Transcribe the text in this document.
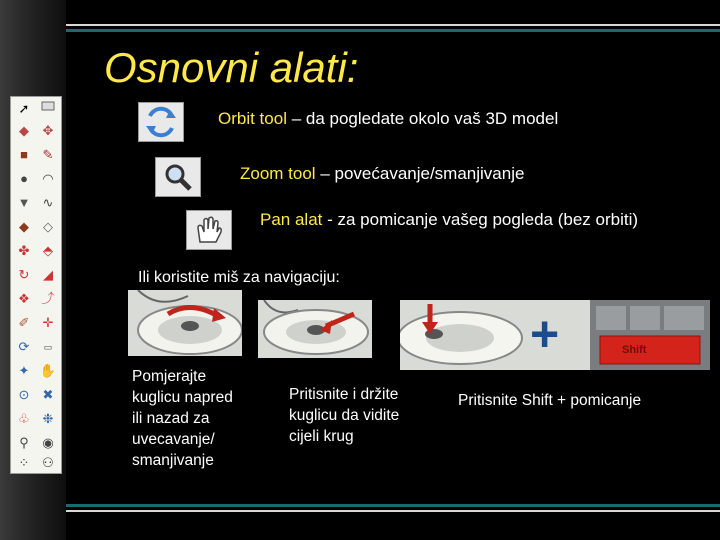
Osnovni alati:
➚
◆	✥
■	✎
●	◠
▼ ∿
◆	◇
✤	⬘
↻	◢
❖ ⤴
✐	✛
⟳	▭
✦ ✋
⊙	✖
♧ ❉
⚲	◉
⁘ ⚇
Orbit tool – da pogledate okolo vaš 3D model
Zoom tool – povećavanje/smanjivanje
Pan alat - za pomicanje vašeg pogleda (bez orbiti)

Ili koristite miš za navigaciju:

+	Shift

Pomjerajte kuglicu napred ili nazad za uvecavanje/ smanjivanje

Pritisnite i držite kuglicu da vidite cijeli krug

Pritisnite Shift + pomicanje
